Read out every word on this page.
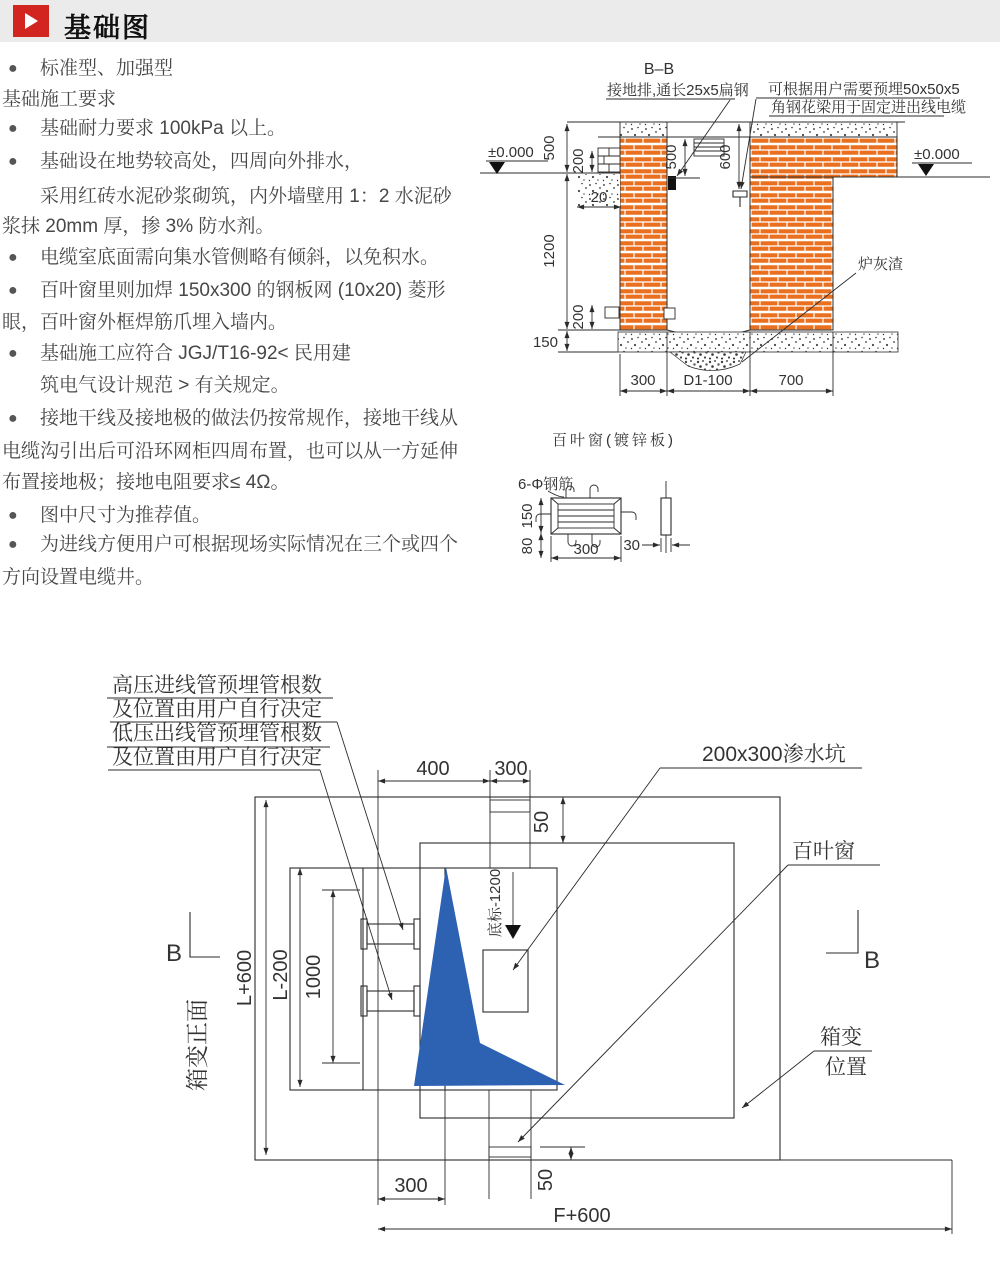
基础图
● 标准型、加强型
基础施工要求
● 基础耐力要求 100kPa 以上。
● 基础设在地势较高处，四周向外排水，
采用红砖水泥砂浆砌筑，内外墙壁用 1：2 水泥砂
浆抹 20mm 厚，掺 3% 防水剂。
● 电缆室底面需向集水管侧略有倾斜，以免积水。
● 百叶窗里则加焊 150x300 的钢板网 (10x20) 菱形
眼，百叶窗外框焊筋爪埋入墙内。
● 基础施工应符合 JGJ/T16-92< 民用建
筑电气设计规范 > 有关规定。
● 接地干线及接地极的做法仍按常规作，接地干线从
电缆沟引出后可沿环网柜四周布置，也可以从一方延伸
布置接地极；接地电阻要求≤ 4Ω。
● 图中尺寸为推荐值。
● 为进线方便用户可根据现场实际情况在三个或四个
方向设置电缆井。
500
1200
150
200
20
200
500 600
300 D1-100	700
±0.000	±0.000
B–B
接地排,通长25x5扁钢 可根据用户需要预埋50x50x5
角钢花梁用于固定进出线电缆
炉灰渣
百叶窗(镀锌板)
150
80 300 30
6-Φ钢筋
底标-1200
400 300
50
L+600 L-200 1000
箱变正面
300	50
F+600
B	B
高压进线管预埋管根数
及位置由用户自行决定
低压出线管预埋管根数
及位置由用户自行决定	200x300渗水坑
百叶窗
箱变
位置
